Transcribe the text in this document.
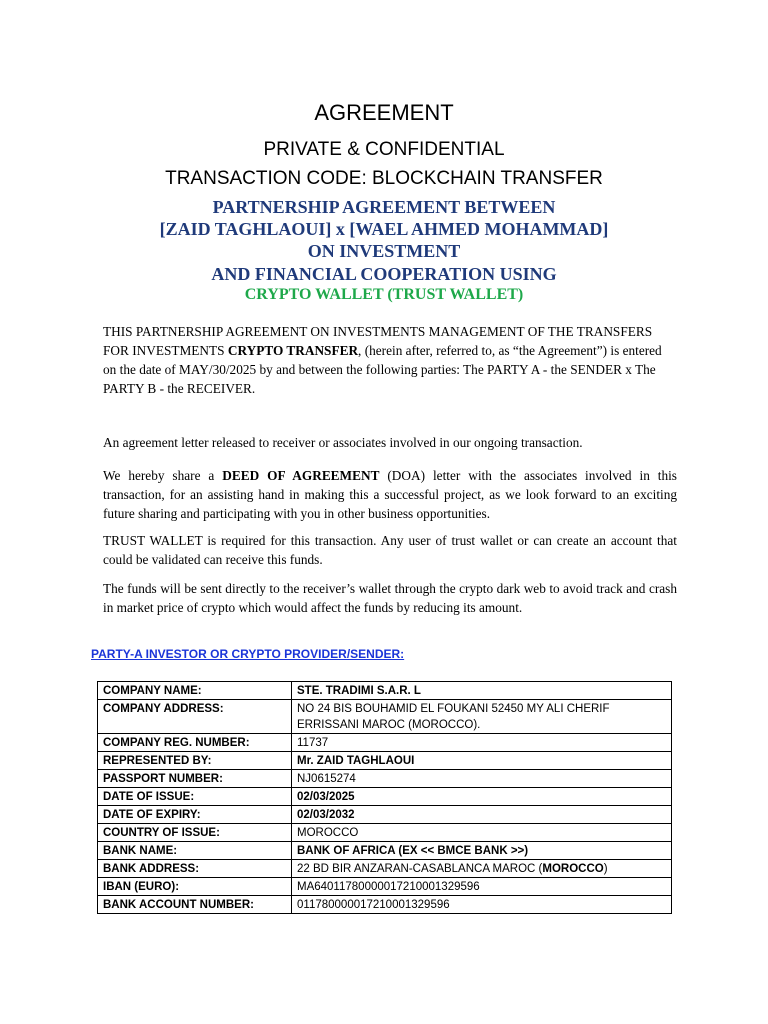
AGREEMENT
PRIVATE & CONFIDENTIAL
TRANSACTION CODE: BLOCKCHAIN TRANSFER
PARTNERSHIP AGREEMENT BETWEEN
[ZAID TAGHLAOUI] x [WAEL AHMED MOHAMMAD]
ON INVESTMENT
AND FINANCIAL COOPERATION USING
CRYPTO WALLET (TRUST WALLET)
THIS PARTNERSHIP AGREEMENT ON INVESTMENTS MANAGEMENT OF THE TRANSFERS FOR INVESTMENTS CRYPTO TRANSFER, (herein after, referred to, as “the Agreement”) is entered on the date of MAY/30/2025 by and between the following parties: The PARTY A - the SENDER x The PARTY B - the RECEIVER.
An agreement letter released to receiver or associates involved in our ongoing transaction.
We hereby share a DEED OF AGREEMENT (DOA) letter with the associates involved in this transaction, for an assisting hand in making this a successful project, as we look forward to an exciting future sharing and participating with you in other business opportunities.
TRUST WALLET is required for this transaction. Any user of trust wallet or can create an account that could be validated can receive this funds.
The funds will be sent directly to the receiver’s wallet through the crypto dark web to avoid track and crash in market price of crypto which would affect the funds by reducing its amount.
PARTY-A INVESTOR OR CRYPTO PROVIDER/SENDER:
COMPANY NAME:	STE. TRADIMI S.A.R. L
COMPANY ADDRESS:	NO 24 BIS BOUHAMID EL FOUKANI 52450 MY ALI CHERIF ERRISSANI MAROC (MOROCCO).
COMPANY REG. NUMBER:	11737
REPRESENTED BY:	Mr. ZAID TAGHLAOUI
PASSPORT NUMBER:	NJ0615274
DATE OF ISSUE:	02/03/2025
DATE OF EXPIRY:	02/03/2032
COUNTRY OF ISSUE:	MOROCCO
BANK NAME:	BANK OF AFRICA (EX << BMCE BANK >>)
BANK ADDRESS:	22 BD BIR ANZARAN-CASABLANCA MAROC (MOROCCO)
IBAN (EURO):	MA64011780000017210001329596
BANK ACCOUNT NUMBER:	011780000017210001329596
